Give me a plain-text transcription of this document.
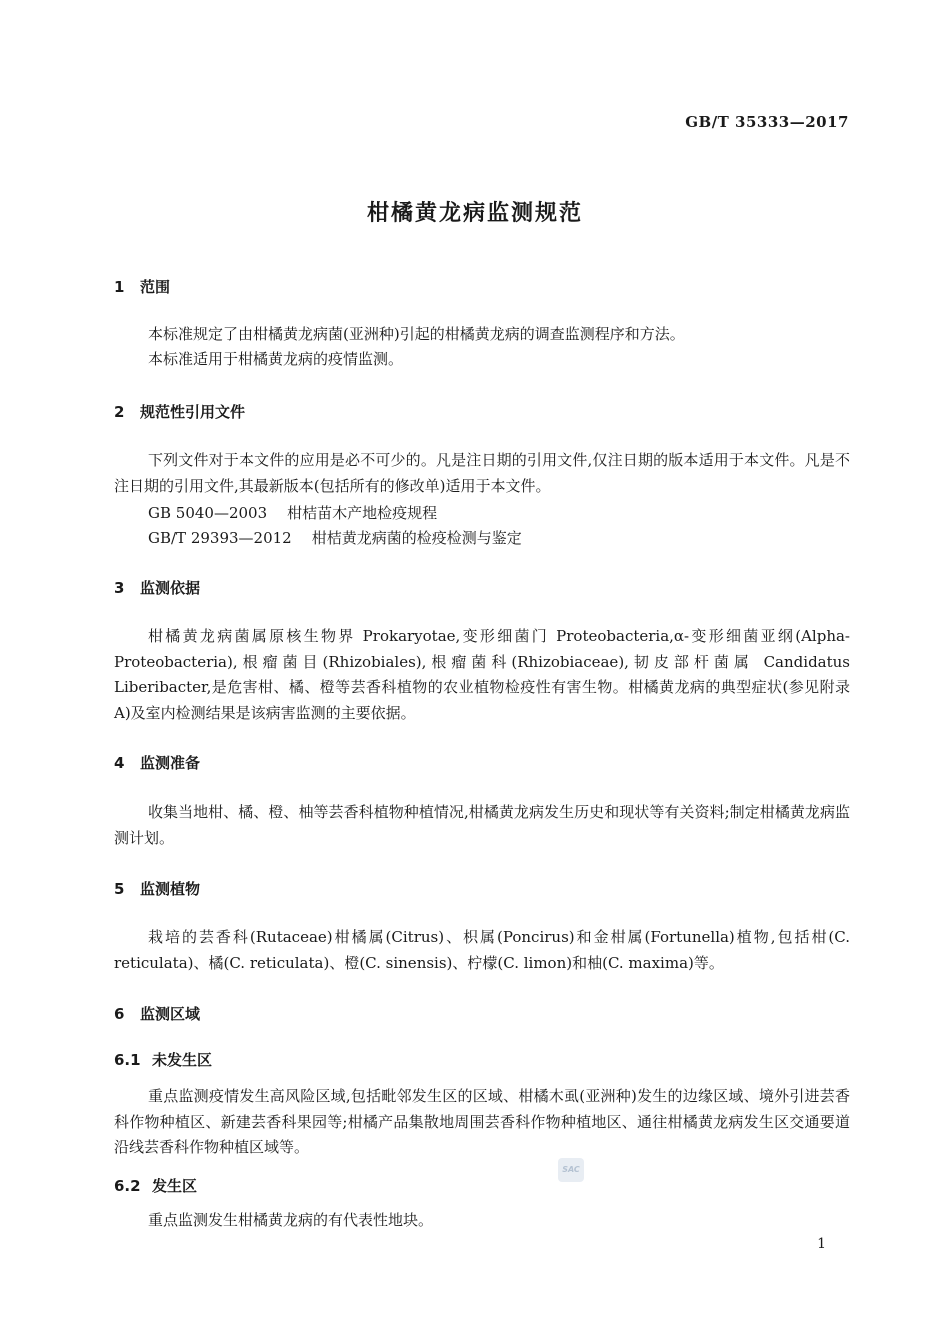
GB/T 35333—2017
柑橘黄龙病监测规范
1 范围
本标准规定了由柑橘黄龙病菌(亚洲种)引起的柑橘黄龙病的调查监测程序和方法。
本标准适用于柑橘黄龙病的疫情监测。
2 规范性引用文件
下列文件对于本文件的应用是必不可少的。凡是注日期的引用文件,仅注日期的版本适用于本文件。凡是不注日期的引用文件,其最新版本(包括所有的修改单)适用于本文件。
GB 5040—2003 柑桔苗木产地检疫规程
GB/T 29393—2012 柑桔黄龙病菌的检疫检测与鉴定
3 监测依据
柑橘黄龙病菌属原核生物界 Prokaryotae,变形细菌门 Proteobacteria,α-变形细菌亚纲(Alpha-Proteobacteria),根瘤菌目(Rhizobiales),根瘤菌科(Rhizobiaceae),韧皮部杆菌属 Candidatus Liberibacter,是危害柑、橘、橙等芸香科植物的农业植物检疫性有害生物。柑橘黄龙病的典型症状(参见附录 A)及室内检测结果是该病害监测的主要依据。
4 监测准备
收集当地柑、橘、橙、柚等芸香科植物种植情况,柑橘黄龙病发生历史和现状等有关资料;制定柑橘黄龙病监测计划。
5 监测植物
栽培的芸香科(Rutaceae)柑橘属(Citrus)、枳属(Poncirus)和金柑属(Fortunella)植物,包括柑(C. reticulata)、橘(C. reticulata)、橙(C. sinensis)、柠檬(C. limon)和柚(C. maxima)等。
6 监测区域
6.1 未发生区
重点监测疫情发生高风险区域,包括毗邻发生区的区域、柑橘木虱(亚洲种)发生的边缘区域、境外引进芸香科作物种植区、新建芸香科果园等;柑橘产品集散地周围芸香科作物种植地区、通往柑橘黄龙病发生区交通要道沿线芸香科作物种植区域等。
6.2 发生区
重点监测发生柑橘黄龙病的有代表性地块。
SAC
1
